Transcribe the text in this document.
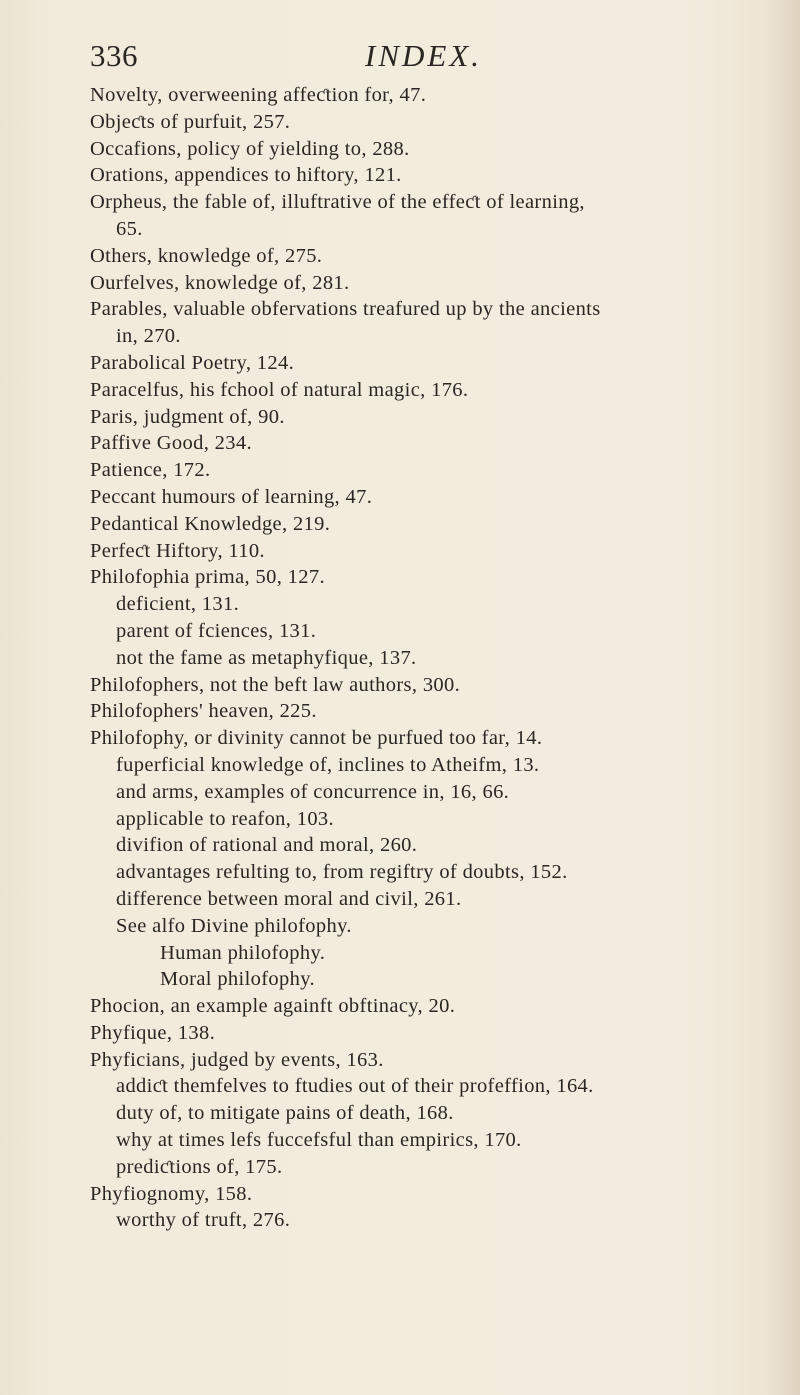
336	INDEX.
Novelty, overweening affeƈtion for, 47.
Objeƈts of purfuit, 257.
Occafions, policy of yielding to, 288.
Orations, appendices to hiftory, 121.
Orpheus, the fable of, illuftrative of the effeƈt of learning,
65.
Others, knowledge of, 275.
Ourfelves, knowledge of, 281.
Parables, valuable obfervations treafured up by the ancients
in, 270.
Parabolical Poetry, 124.
Paracelfus, his fchool of natural magic, 176.
Paris, judgment of, 90.
Paffive Good, 234.
Patience, 172.
Peccant humours of learning, 47.
Pedantical Knowledge, 219.
Perfeƈt Hiftory, 110.
Philofophia prima, 50, 127.
deficient, 131.
parent of fciences, 131.
not the fame as metaphyfique, 137.
Philofophers, not the beft law authors, 300.
Philofophers' heaven, 225.
Philofophy, or divinity cannot be purfued too far, 14.
fuperficial knowledge of, inclines to Atheifm, 13.
and arms, examples of concurrence in, 16, 66.
applicable to reafon, 103.
divifion of rational and moral, 260.
advantages refulting to, from regiftry of doubts, 152.
difference between moral and civil, 261.
See alfo Divine philofophy.
Human philofophy.
Moral philofophy.
Phocion, an example againft obftinacy, 20.
Phyfique, 138.
Phyficians, judged by events, 163.
addiƈt themfelves to ftudies out of their profeffion, 164.
duty of, to mitigate pains of death, 168.
why at times lefs fuccefsful than empirics, 170.
prediƈtions of, 175.
Phyfiognomy, 158.
worthy of truft, 276.
